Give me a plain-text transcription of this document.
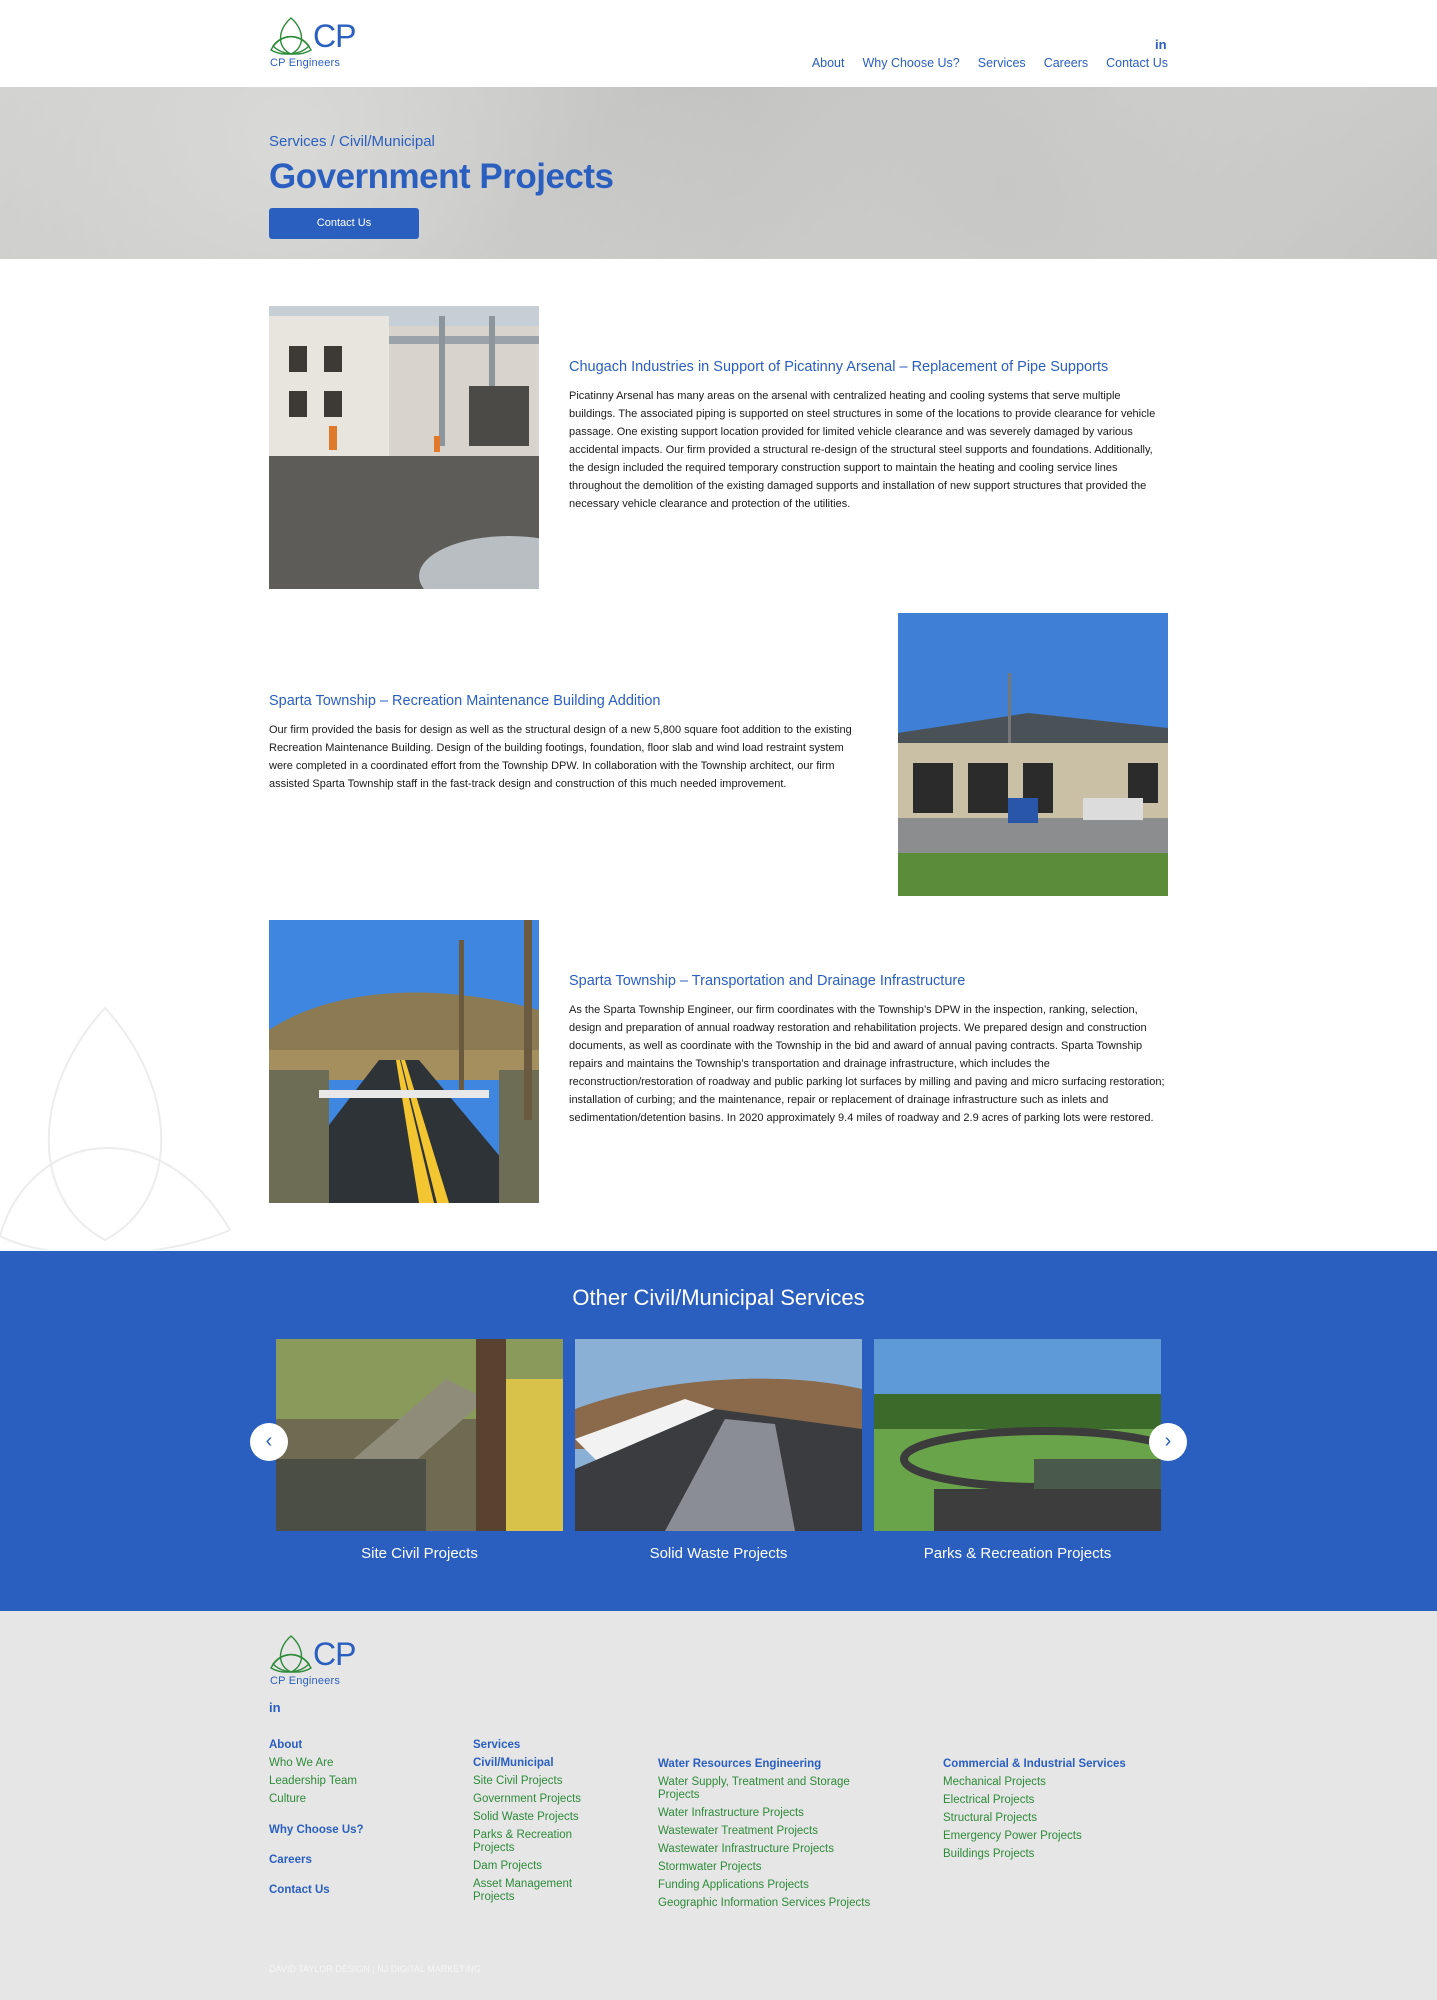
CP
CP Engineers
in
About Why Choose Us? Services Careers Contact Us
Services / Civil/Municipal
Government Projects
Contact Us
Chugach Industries in Support of Picatinny Arsenal – Replacement of Pipe Supports

Picatinny Arsenal has many areas on the arsenal with centralized heating and cooling systems that serve multiple buildings. The associated piping is supported on steel structures in some of the locations to provide clearance for vehicle passage. One existing support location provided for limited vehicle clearance and was severely damaged by various accidental impacts. Our firm provided a structural re-design of the structural steel supports and foundations. Additionally, the design included the required temporary construction support to maintain the heating and cooling service lines throughout the demolition of the existing damaged supports and installation of new support structures that provided the necessary vehicle clearance and protection of the utilities.

Sparta Township – Recreation Maintenance Building Addition

Our firm provided the basis for design as well as the structural design of a new 5,800 square foot addition to the existing Recreation Maintenance Building. Design of the building footings, foundation, floor slab and wind load restraint system were completed in a coordinated effort from the Township DPW. In collaboration with the Township architect, our firm assisted Sparta Township staff in the fast-track design and construction of this much needed improvement.

Sparta Township – Transportation and Drainage Infrastructure

As the Sparta Township Engineer, our firm coordinates with the Township’s DPW in the inspection, ranking, selection, design and preparation of annual roadway restoration and rehabilitation projects. We prepared design and construction documents, as well as coordinate with the Township in the bid and award of annual paving contracts. Sparta Township repairs and maintains the Township’s transportation and drainage infrastructure, which includes the reconstruction/restoration of roadway and public parking lot surfaces by milling and paving and micro surfacing restoration; installation of curbing; and the maintenance, repair or replacement of drainage infrastructure such as inlets and sedimentation/detention basins. In 2020 approximately 9.4 miles of roadway and 2.9 acres of parking lots were restored.

Other Civil/Municipal Services
Site Civil Projects	Solid Waste Projects	Parks & Recreation Projects
‹	›
CP
CP Engineers
in
About
Who We Are
Leadership Team
Culture
Why Choose Us?
Careers
Contact Us
Services
Civil/Municipal
Site Civil Projects
Government Projects
Solid Waste Projects
Parks & Recreation Projects
Dam Projects
Asset Management Projects
Water Resources Engineering
Water Supply, Treatment and Storage Projects
Water Infrastructure Projects
Wastewater Treatment Projects
Wastewater Infrastructure Projects
Stormwater Projects
Funding Applications Projects
Geographic Information Services Projects
Commercial & Industrial Services
Mechanical Projects
Electrical Projects
Structural Projects
Emergency Power Projects
Buildings Projects
DAVID TAYLOR DESIGN | NJ DIGITAL MARKETING
